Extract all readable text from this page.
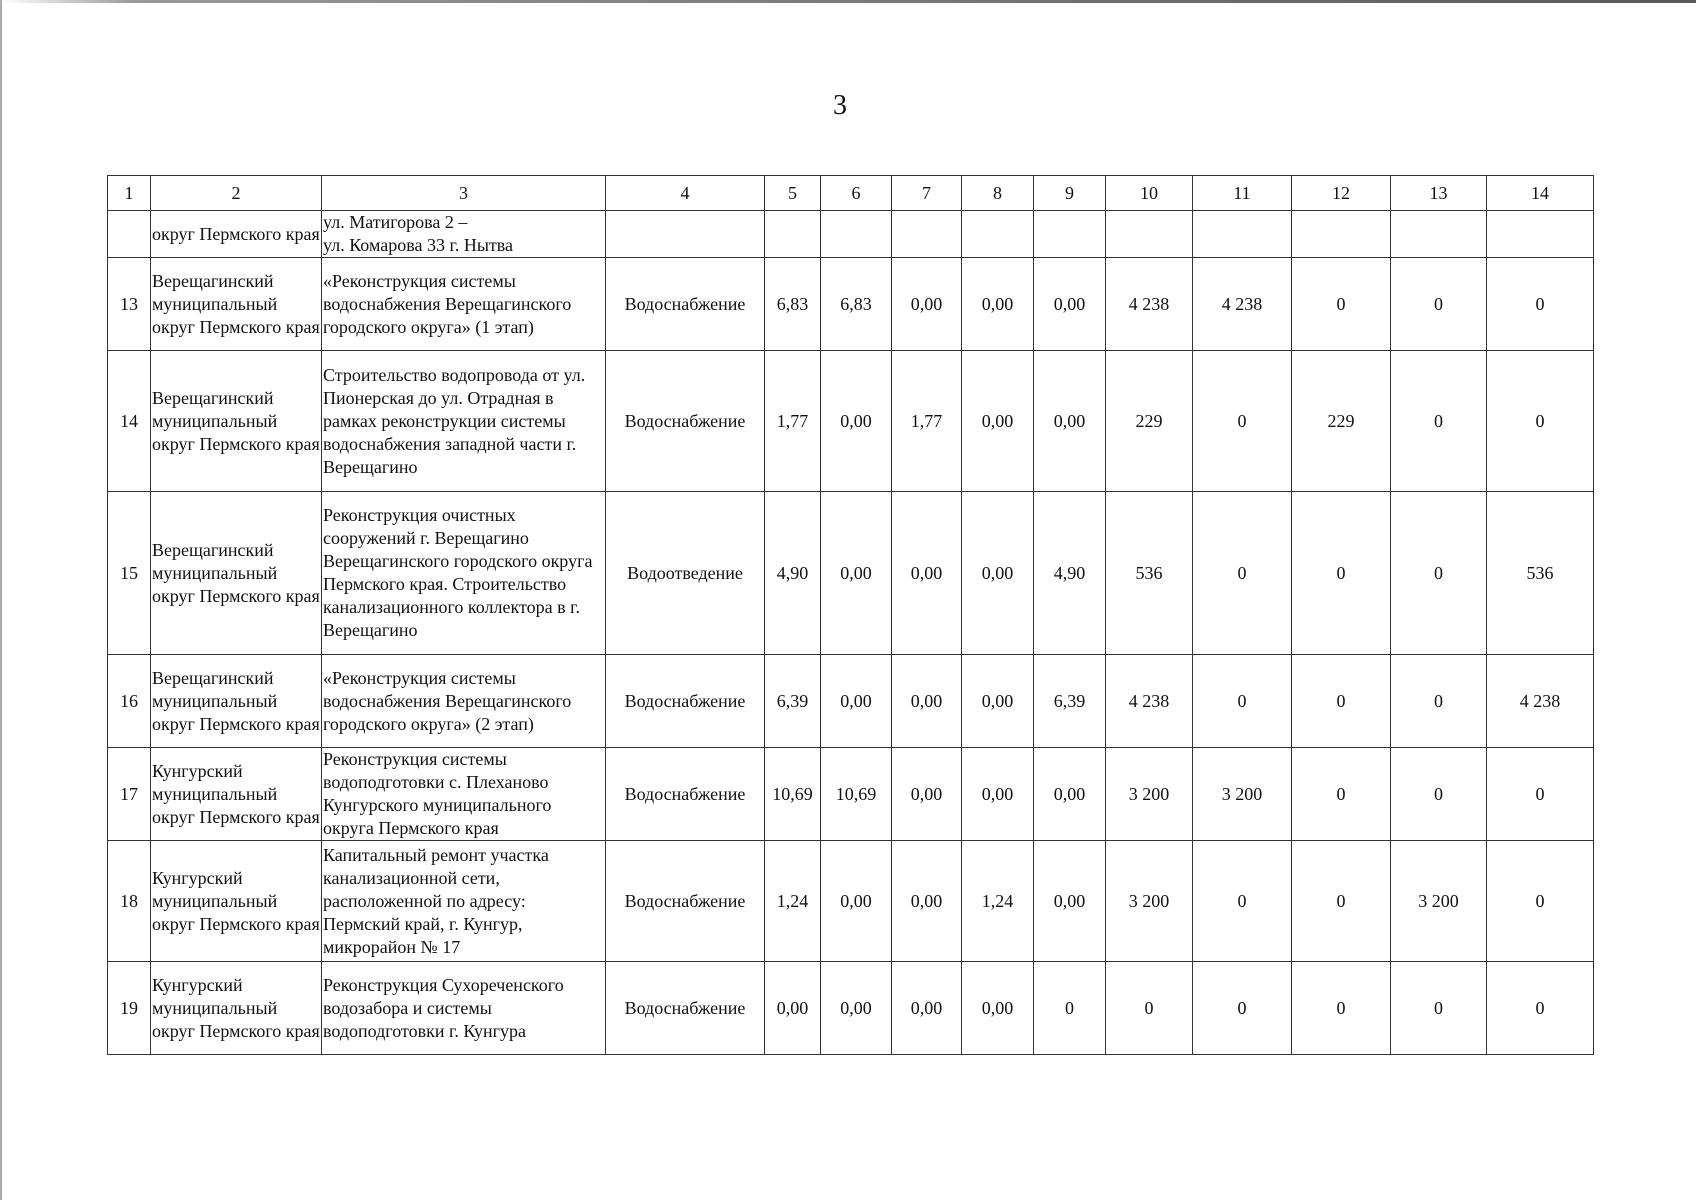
3
1	2	3	4	5	6	7	8	9	10	11	12	13	14
	округ Пермского края	ул. Матигорова 2 –
ул. Комарова 33 г. Нытва											
13	Верещагинский муниципальный округ Пермского края	«Реконструкция системы водоснабжения Верещагинского городского округа» (1 этап)	Водоснабжение	6,83	6,83	0,00	0,00	0,00	4 238	4 238	0	0	0
14	Верещагинский муниципальный округ Пермского края	Строительство водопровода от ул. Пионерская до ул. Отрадная в рамках реконструкции системы водоснабжения западной части г. Верещагино	Водоснабжение	1,77	0,00	1,77	0,00	0,00	229	0	229	0	0
15	Верещагинский муниципальный округ Пермского края	Реконструкция очистных сооружений г. Верещагино Верещагинского городского округа Пермского края. Строительство канализационного коллектора в г. Верещагино	Водоотведение	4,90	0,00	0,00	0,00	4,90	536	0	0	0	536
16	Верещагинский муниципальный округ Пермского края	«Реконструкция системы водоснабжения Верещагинского городского округа» (2 этап)	Водоснабжение	6,39	0,00	0,00	0,00	6,39	4 238	0	0	0	4 238
17	Кунгурский муниципальный округ Пермского края	Реконструкция системы водоподготовки с. Плеханово Кунгурского муниципального округа Пермского края	Водоснабжение	10,69	10,69	0,00	0,00	0,00	3 200	3 200	0	0	0
18	Кунгурский муниципальный округ Пермского края	Капитальный ремонт участка канализационной сети, расположенной по адресу: Пермский край, г. Кунгур, микрорайон № 17	Водоснабжение	1,24	0,00	0,00	1,24	0,00	3 200	0	0	3 200	0
19	Кунгурский муниципальный округ Пермского края	Реконструкция Сухореченского водозабора и системы водоподготовки г. Кунгура	Водоснабжение	0,00	0,00	0,00	0,00	0	0	0	0	0	0
